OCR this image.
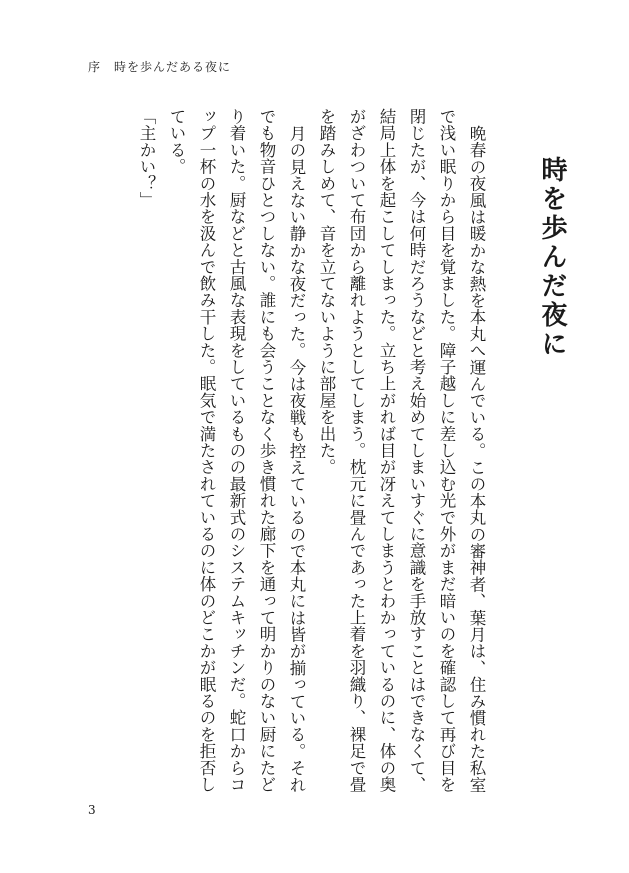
序　時を歩んだある夜に
時を歩んだ夜に

晩春の夜風は暖かな熱を本丸へ運んでいる。この本丸の審神者、葉月は、住み慣れた私室で浅い眠りから目を覚ました。障子越しに差し込む光で外がまだ暗いのを確認して再び目を閉じたが、今は何時だろうなどと考え始めてしまいすぐに意識を手放すことはできなくて、結局上体を起こしてしまった。立ち上がれば目が冴えてしまうとわかっているのに、体の奥がざわついて布団から離れようとしてしまう。枕元に畳んであった上着を羽織り、裸足で畳を踏みしめて、音を立てないように部屋を出た。

月の見えない静かな夜だった。今は夜戦も控えているので本丸には皆が揃っている。それでも物音ひとつしない。誰にも会うことなく歩き慣れた廊下を通って明かりのない厨にたどり着いた。厨などと古風な表現をしているものの最新式のシステムキッチンだ。蛇口からコップ一杯の水を汲んで飲み干した。眠気で満たされているのに体のどこかが眠るのを拒否している。

「主かい？」

3
